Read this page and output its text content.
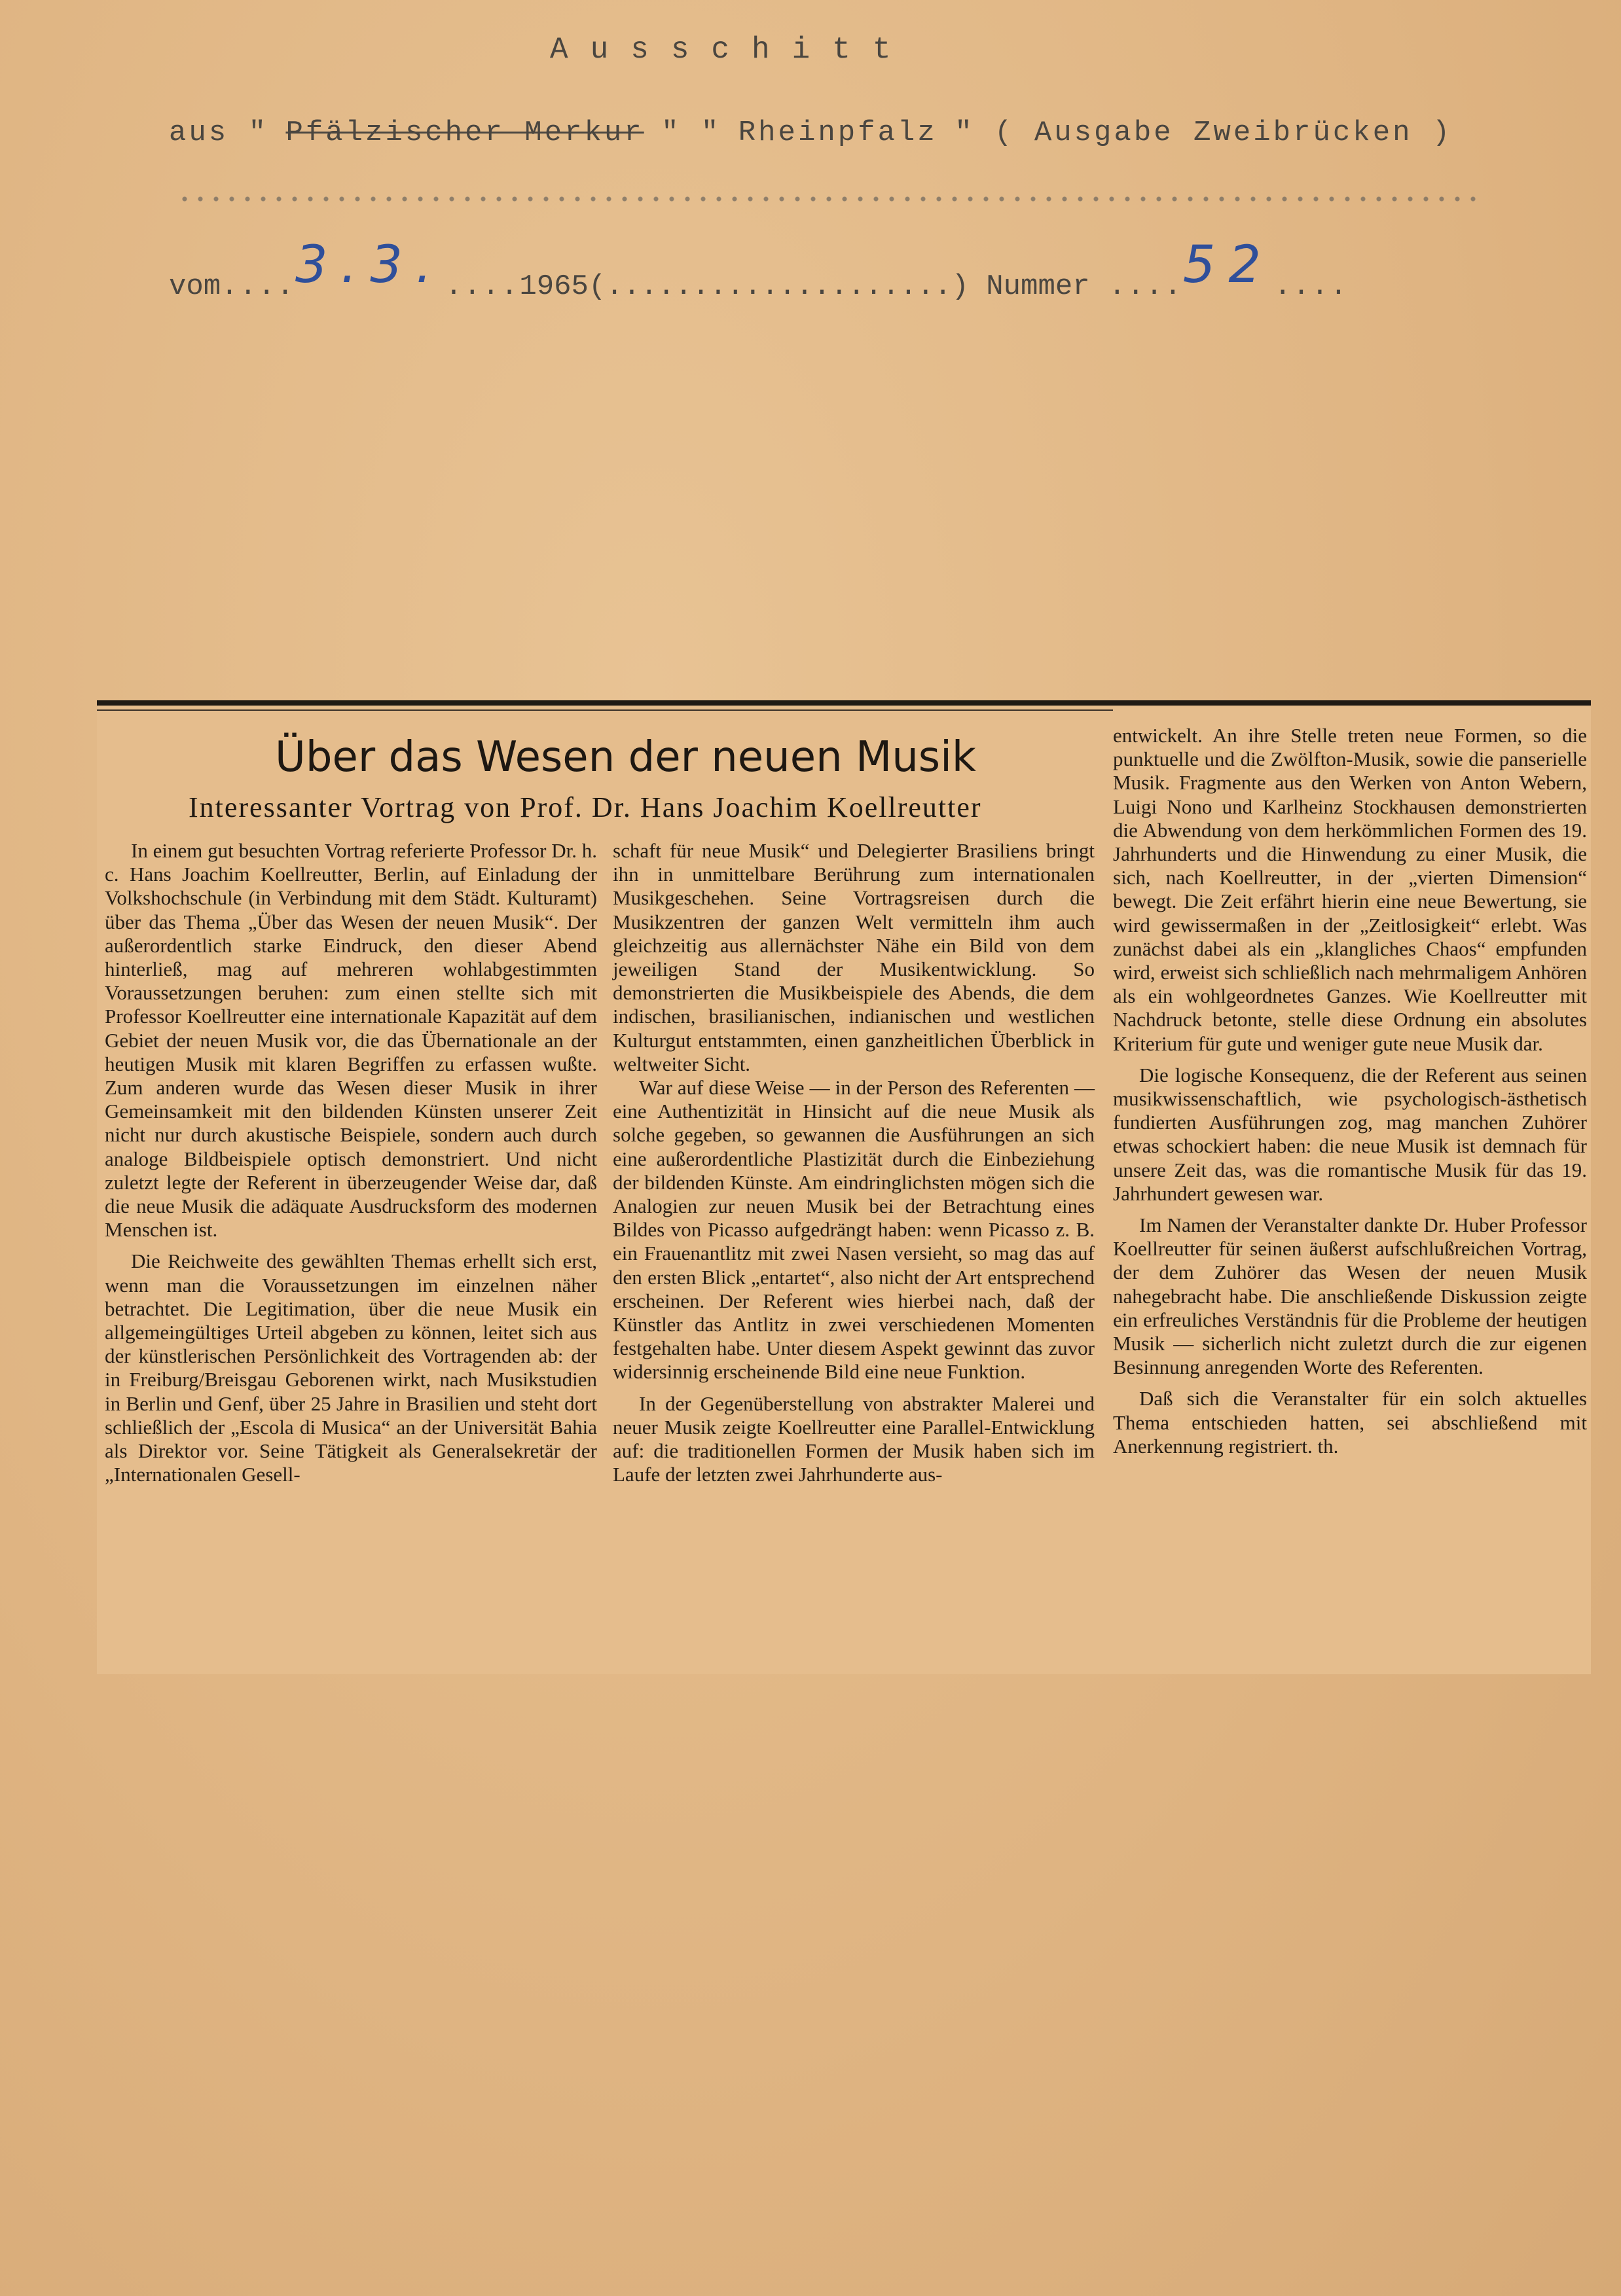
Ausschitt
aus " Pfälzischer Merkur " " Rheinpfalz " ( Ausgabe Zweibrücken )
vom....3.3.....1965(....................) Nummer ....52....
Über das Wesen der neuen Musik
Interessanter Vortrag von Prof. Dr. Hans Joachim Koellreutter

In einem gut besuchten Vortrag referierte Professor Dr. h. c. Hans Joachim Koellreutter, Berlin, auf Einladung der Volkshochschule (in Verbindung mit dem Städt. Kulturamt) über das Thema „Über das Wesen der neuen Musik“. Der außerordentlich starke Eindruck, den dieser Abend hinterließ, mag auf mehreren wohlabgestimmten Voraussetzungen beruhen: zum einen stellte sich mit Professor Koellreutter eine internationale Kapazität auf dem Gebiet der neuen Musik vor, die das Übernationale an der heutigen Musik mit klaren Begriffen zu erfassen wußte. Zum anderen wurde das Wesen dieser Musik in ihrer Gemeinsamkeit mit den bildenden Künsten unserer Zeit nicht nur durch akustische Beispiele, sondern auch durch analoge Bildbeispiele optisch demonstriert. Und nicht zuletzt legte der Referent in überzeugender Weise dar, daß die neue Musik die adäquate Ausdrucksform des modernen Menschen ist.

Die Reichweite des gewählten Themas erhellt sich erst, wenn man die Voraussetzungen im einzelnen näher betrachtet. Die Legitimation, über die neue Musik ein allgemeingültiges Urteil abgeben zu können, leitet sich aus der künstlerischen Persönlichkeit des Vortragenden ab: der in Freiburg/Breisgau Geborenen wirkt, nach Musikstudien in Berlin und Genf, über 25 Jahre in Brasilien und steht dort schließlich der „Escola di Musica“ an der Universität Bahia als Direktor vor. Seine Tätigkeit als Generalsekretär der „Internationalen Gesell-

schaft für neue Musik“ und Delegierter Brasiliens bringt ihn in unmittelbare Berührung zum internationalen Musikgeschehen. Seine Vortragsreisen durch die Musikzentren der ganzen Welt vermitteln ihm auch gleichzeitig aus allernächster Nähe ein Bild von dem jeweiligen Stand der Musikentwicklung. So demonstrierten die Musikbeispiele des Abends, die dem indischen, brasilianischen, indianischen und westlichen Kulturgut entstammten, einen ganzheitlichen Überblick in weltweiter Sicht.

War auf diese Weise — in der Person des Referenten — eine Authentizität in Hinsicht auf die neue Musik als solche gegeben, so gewannen die Ausführungen an sich eine außerordentliche Plastizität durch die Einbeziehung der bildenden Künste. Am eindringlichsten mögen sich die Analogien zur neuen Musik bei der Betrachtung eines Bildes von Picasso aufgedrängt haben: wenn Picasso z. B. ein Frauenantlitz mit zwei Nasen versieht, so mag das auf den ersten Blick „entartet“, also nicht der Art entsprechend erscheinen. Der Referent wies hierbei nach, daß der Künstler das Antlitz in zwei verschiedenen Momenten festgehalten habe. Unter diesem Aspekt gewinnt das zuvor widersinnig erscheinende Bild eine neue Funktion.

In der Gegenüberstellung von abstrakter Malerei und neuer Musik zeigte Koellreutter eine Parallel-Entwicklung auf: die traditionellen Formen der Musik haben sich im Laufe der letzten zwei Jahrhunderte aus-

entwickelt. An ihre Stelle treten neue Formen, so die punktuelle und die Zwölfton-Musik, sowie die panserielle Musik. Fragmente aus den Werken von Anton Webern, Luigi Nono und Karlheinz Stockhausen demonstrierten die Abwendung von dem herkömmlichen Formen des 19. Jahrhunderts und die Hinwendung zu einer Musik, die sich, nach Koellreutter, in der „vierten Dimension“ bewegt. Die Zeit erfährt hierin eine neue Bewertung, sie wird gewissermaßen in der „Zeitlosigkeit“ erlebt. Was zunächst dabei als ein „klangliches Chaos“ empfunden wird, erweist sich schließlich nach mehrmaligem Anhören als ein wohlgeordnetes Ganzes. Wie Koellreutter mit Nachdruck betonte, stelle diese Ordnung ein absolutes Kriterium für gute und weniger gute neue Musik dar.

Die logische Konsequenz, die der Referent aus seinen musikwissenschaftlich, wie psychologisch-ästhetisch fundierten Ausführungen zog, mag manchen Zuhörer etwas schockiert haben: die neue Musik ist demnach für unsere Zeit das, was die romantische Musik für das 19. Jahrhundert gewesen war.

Im Namen der Veranstalter dankte Dr. Huber Professor Koellreutter für seinen äußerst aufschlußreichen Vortrag, der dem Zuhörer das Wesen der neuen Musik nahegebracht habe. Die anschließende Diskussion zeigte ein erfreuliches Verständnis für die Probleme der heutigen Musik — sicherlich nicht zuletzt durch die zur eigenen Besinnung anregenden Worte des Referenten.

Daß sich die Veranstalter für ein solch aktuelles Thema entschieden hatten, sei abschließend mit Anerkennung registriert. th.
